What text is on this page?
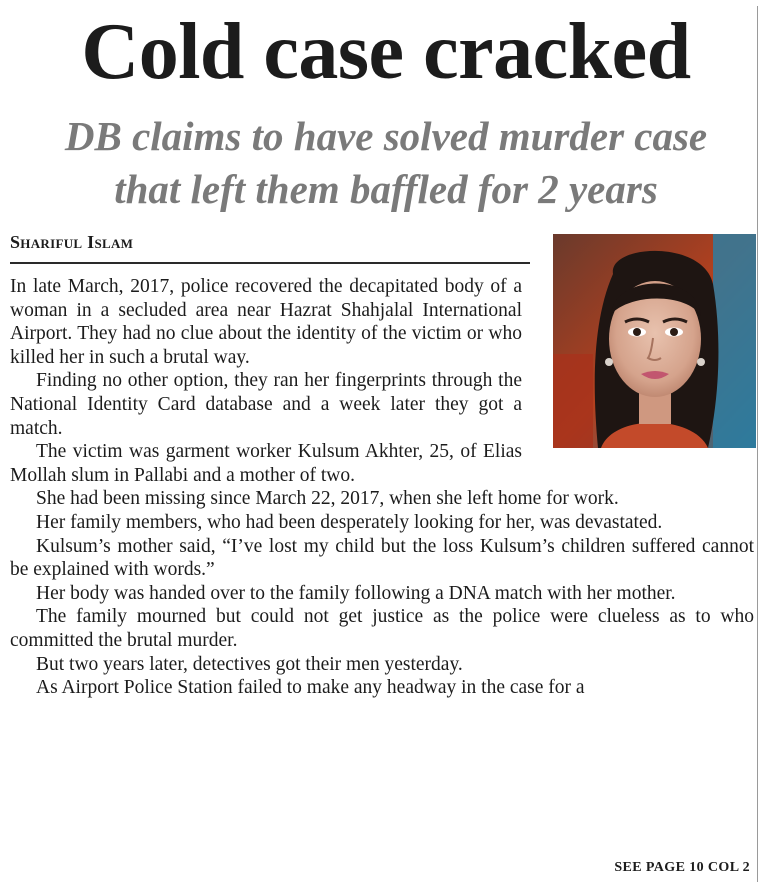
Cold case cracked
DB claims to have solved murder case
that left them baffled for 2 years
Shariful Islam

In late March, 2017, police recovered the decapitated body of a woman in a secluded area near Hazrat Shahjalal International Airport. They had no clue about the identity of the victim or who killed her in such a brutal way.

Finding no other option, they ran her fingerprints through the National Identity Card database and a week later they got a match.

The victim was garment worker Kulsum Akhter, 25, of Elias Mollah slum in Pallabi and a mother of two.

She had been missing since March 22, 2017, when she left home for work.

Her family members, who had been desperately looking for her, was devastated.

Kulsum’s mother said, “I’ve lost my child but the loss Kulsum’s children suffered cannot be explained with words.”

Her body was handed over to the family following a DNA match with her mother.

The family mourned but could not get justice as the police were clueless as to who committed the brutal murder.

But two years later, detectives got their men yesterday.

As Airport Police Station failed to make any headway in the case for a

SEE PAGE 10 COL 2
